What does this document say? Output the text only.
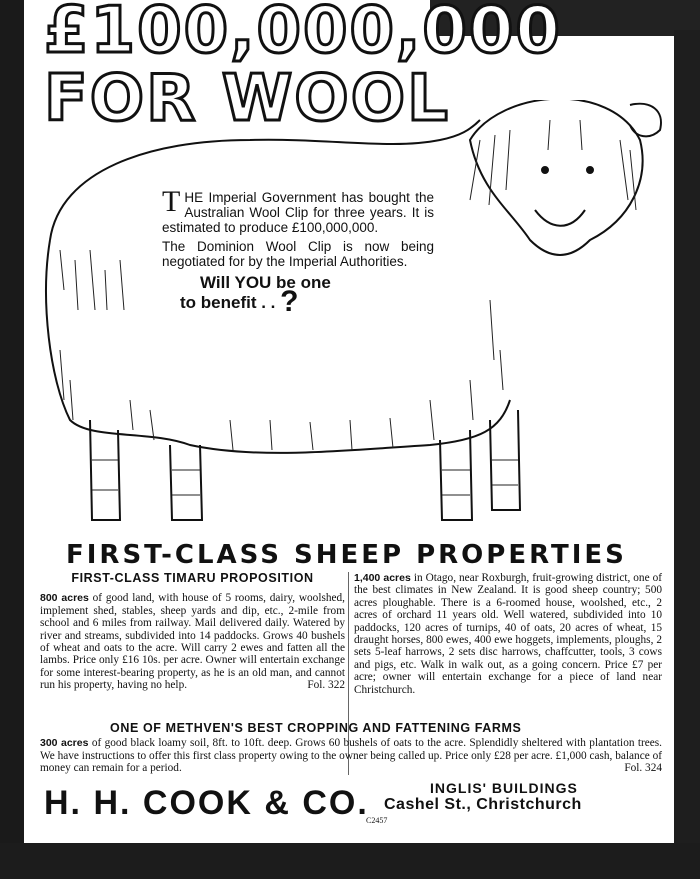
£100,000,000
FOR WOOL

T HE Imperial Government has bought the Australian Wool Clip for three years. It is estimated to produce £100,000,000.

The Dominion Wool Clip is now being negotiated for by the Imperial Authorities.

Will YOU be one
to benefit . . ?
FIRST-CLASS SHEEP PROPERTIES
FIRST-CLASS TIMARU PROPOSITION
800 acres of good land, with house of 5 rooms, dairy, woolshed, implement shed, stables, sheep yards and dip, etc., 2-mile from school and 6 miles from railway. Mail delivered daily. Watered by river and streams, subdivided into 14 paddocks. Grows 40 bushels of wheat and oats to the acre. Will carry 2 ewes and fatten all the lambs. Price only £16 10s. per acre. Owner will entertain exchange for some interest-bearing property, as he is an old man, and cannot run his property, having no help.	Fol. 322
1,400 acres in Otago, near Roxburgh, fruit-growing district, one of the best climates in New Zealand. It is good sheep country; 500 acres ploughable. There is a 6-roomed house, woolshed, etc., 2 acres of orchard 11 years old. Well watered, subdivided into 10 paddocks, 120 acres of turnips, 40 of oats, 20 acres of wheat, 15 draught horses, 800 ewes, 400 ewe hoggets, implements, ploughs, 2 sets 5-leaf harrows, 2 sets disc harrows, chaffcutter, tools, 3 cows and pigs, etc. Walk in walk out, as a going concern. Price £7 per acre; owner will entertain exchange for a piece of land near Christchurch.
ONE OF METHVEN'S BEST CROPPING AND FATTENING FARMS
300 acres of good black loamy soil, 8ft. to 10ft. deep. Grows 60 bushels of oats to the acre. Splendidly sheltered with plantation trees. We have instructions to offer this first class property owing to the owner being called up. Price only £28 per acre. £1,000 cash, balance of money can remain for a period.	Fol. 324
H. H. COOK & CO.	INGLIS' BUILDINGS
Cashel St., Christchurch
C2457
